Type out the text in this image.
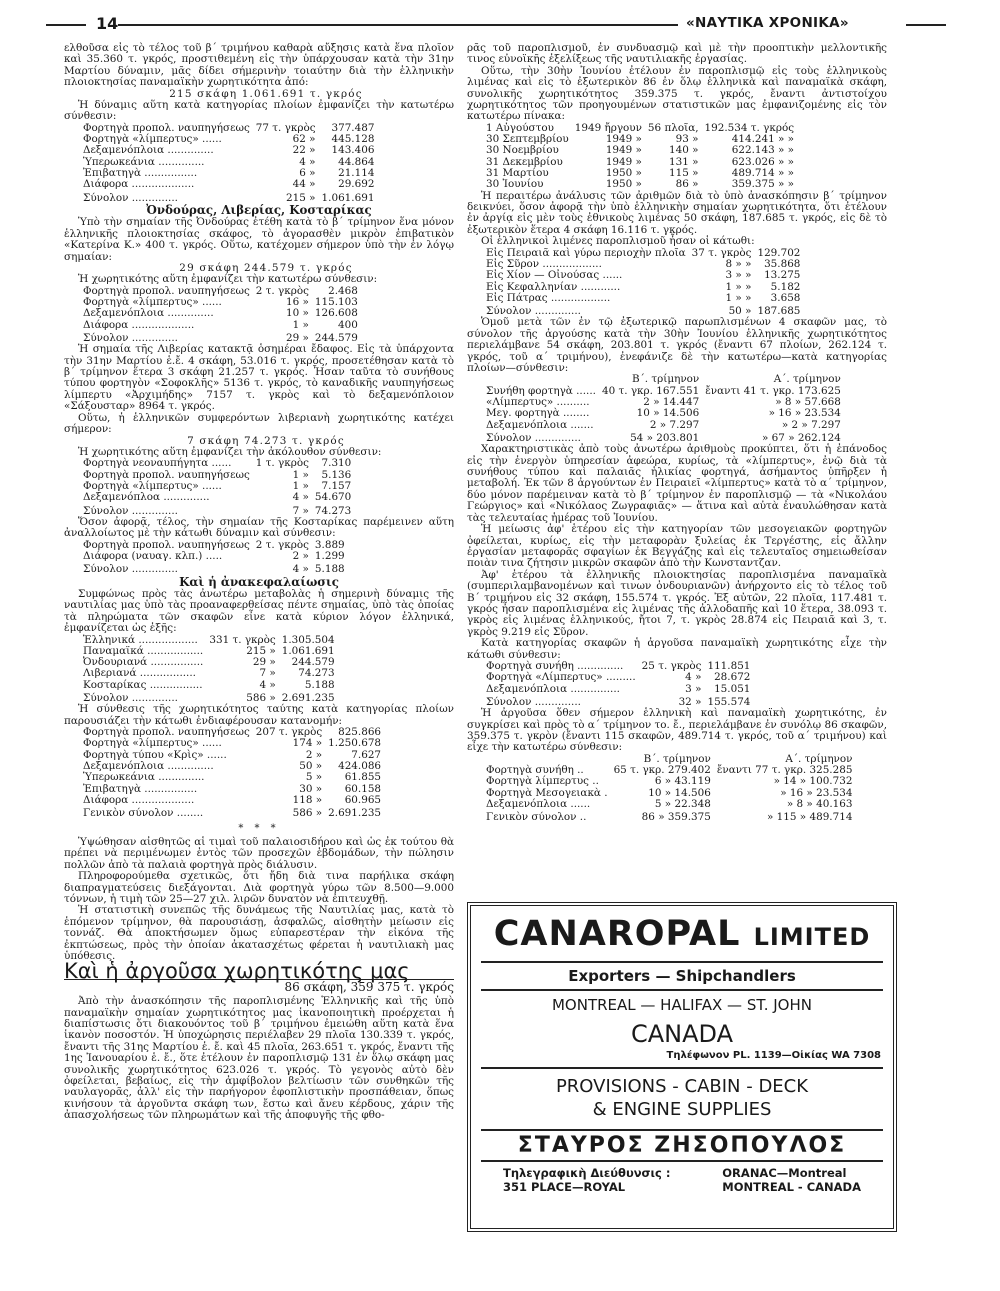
14	«ΝΑΥΤΙΚΑ ΧΡΟΝΙΚΑ»

ελθοῦσα εἰς τὸ τέλος τοῦ β΄ τριμήνου καθαρὰ αὔξησις κατὰ ἕνα πλοῖον καὶ 35.360 τ. γκρός, προστιθεμένη εἰς τὴν ὑπάρχουσαν κατὰ τὴν 31ην Μαρτίου δύναμιν, μᾶς δίδει σήμερινὴν τοιαύτην διὰ τὴν ἑλληνικὴν πλοιοκτησίας παναμαϊκὴν χωρητικότητα ἀπό:

215 σκάφη 1.061.691 τ. γκρός

Ἡ δύναμις αὕτη κατὰ κατηγορίας πλοίων ἐμφανίζει τὴν κατωτέρω σύνθεσιν:

Φορτηγὰ προπολ. ναυπηγήσεως	77 τ. γκρὸς	377.487
Φορτηγὰ «λίμπερτυς» ......	62 »	445.128
Δεξαμενόπλοια ..............	22 »	143.406
Ὑπερωκεάνια ..............	4 »	44.864
Ἐπιβατηγὰ ................	6 »	21.114
Διάφορα ...................	44 »	29.692
Σύνολον ..............	215 »	1.061.691
Ὀνδούρας, Λιβερίας, Κοσταρίκας

Ὑπὸ τὴν σημαίαν τῆς Ὀνδούρας ἐτέθη κατὰ τὸ β΄ τρίμηνον ἕνα μόνον ἑλληνικῆς πλοιοκτησίας σκάφος, τὸ ἀγορασθὲν μικρὸν ἐπιβατικὸν «Κατερίνα Κ.» 400 τ. γκρός. Οὕτω, κατέχομεν σήμερον ὑπὸ τὴν ἐν λόγῳ σημαίαν:

29 σκάφη 244.579 τ. γκρός

Ἡ χωρητικότης αὕτη ἐμφανίζει τὴν κατωτέρω σύνθεσιν:

Φορτηγὰ προπολ. ναυπηγήσεως	2 τ. γκρὸς	2.468
Φορτηγὰ «λίμπερτυς» ......	16 »	115.103
Δεξαμενόπλοια ..............	10 »	126.608
Διάφορα ...................	1 »	400
Σύνολον ..............	29 »	244.579

Ἡ σημαία τῆς Λιβερίας κατακτᾷ ὁσημέραι ἔδαφος. Εἰς τὰ ὑπάρχοντα τὴν 31ην Μαρτίου ἑ.ἔ. 4 σκάφη, 53.016 τ. γκρός, προσετέθησαν κατὰ τὸ β΄ τρίμηνον ἕτερα 3 σκάφη 21.257 τ. γκρός. Ἦσαν ταῦτα τὸ συνήθους τύπου φορτηγὸν «Σοφοκλῆς» 5136 τ. γκρός, τὸ καναδικῆς ναυπηγήσεως λίμπερτυ «Ἀρχιμήδης» 7157 τ. γκρὸς καὶ τὸ δεξαμενόπλοιον «Σάξουσταρ» 8964 τ. γκρός.

Οὕτω, ἡ ἑλληνικῶν συμφερόντων λιβεριανὴ χωρητικότης κατέχει σήμερον:

7 σκάφη 74.273 τ. γκρός

Ἡ χωρητικότης αὕτη ἐμφανίζει τὴν ἀκόλουθον σύνθεσιν:

Φορτηγὰ νεοναυπήγητα ......	1 τ. γκρὸς	7.310
Φορτηγὰ προπολ. ναυπηγήσεως	1 »	5.136
Φορτηγὰ «λίμπερτυς» ......	1 »	7.157
Δεξαμενόπλοα ..............	4 »	54.670
Σύνολον ..............	7 »	74.273

Ὅσον ἀφορᾷ, τέλος, τὴν σημαίαν τῆς Κοσταρίκας παρέμεινεν αὕτη ἀναλλοίωτος μὲ τὴν κάτωθι δύναμιν καὶ σύνθεσιν:

Φορτηγὰ προπολ. ναυπηγήσεως	2 τ. γκρὸς	3.889
Διάφορα (ναυαγ. κλπ.) .....	2 »	1.299
Σύνολον ..............	4 »	5.188
Καὶ ἡ ἀνακεφαλαίωσις

Συμφώνως πρὸς τὰς ἀνωτέρω μεταβολὰς ἡ σημερινὴ δύναμις τῆς ναυτιλίας μας ὑπὸ τὰς προαναφερθείσας πέντε σημαίας, ὑπὸ τὰς ὁποίας τὰ πληρώματα τῶν σκαφῶν εἶνε κατὰ κύριον λόγον ἑλληνικά, ἐμφανίζεται ὡς ἑξῆς:

Ἑλληνικά ..................	331 τ. γκρὸς	1.305.504
Παναμαϊκά .................	215 »	1.061.691
Ὀνδουριανά ................	29 »	244.579
Λιβεριανά .................	7 »	74.273
Κοσταρίκας ................	4 »	5.188
Σύνολον ..............	586 »	2.691.235

Ἡ σύνθεσις τῆς χωρητικότητος ταύτης κατὰ κατηγορίας πλοίων παρουσιάζει τὴν κάτωθι ἐνδιαφέρουσαν κατανομήν:

Φορτηγὰ προπολ. ναυπηγήσεως	207 τ. γκρὸς	825.866
Φορτηγὰ «λίμπερτυς» ......	174 »	1.250.678
Φορτηγὰ τύπου «Κρὶς» ......	2 »	7.627
Δεξαμενόπλοια ..............	50 »	424.086
Ὑπερωκεάνια ..............	5 »	61.855
Ἐπιβατηγὰ ................	30 »	60.158
Διάφορα ...................	118 »	60.965
Γενικὸν σύνολον ........	586 »	2.691.235
* * *

Ὑψώθησαν αἰσθητῶς αἱ τιμαὶ τοῦ παλαιοσιδήρου καὶ ὡς ἐκ τούτου θὰ πρέπει νὰ περιμένωμεν ἐντὸς τῶν προσεχῶν ἑβδομάδων, τὴν πώλησιν πολλῶν ἀπὸ τὰ παλαιὰ φορτηγὰ πρὸς διάλυσιν.

Πληροφορούμεθα σχετικῶς, ὅτι ἤδη διὰ τινα παρήλικα σκάφη διαπραγματεύσεις διεξάγονται. Διὰ φορτηγὰ γύρω τῶν 8.500—9.000 τόννων, ἡ τιμὴ τῶν 25—27 χιλ. λιρῶν δυνατὸν νὰ ἐπιτευχθῇ.

Ἡ στατιστικὴ συνεπῶς τῆς δυνάμεως τῆς Ναυτιλίας μας, κατὰ τὸ ἑπόμενον τρίμηνον, θὰ παρουσιάσῃ, ἀσφαλῶς, αἰσθητὴν μείωσιν εἰς τοννάζ. Θὰ ἀποκτήσωμεν ὅμως εὐπαρεστέραν τὴν εἰκόνα τῆς ἐκπτώσεως, πρὸς τὴν ὁποίαν ἀκατασχέτως φέρεται ἡ ναυτιλιακὴ μας ὑπόθεσις.

Καὶ ἡ ἀργοῦσα χωρητικότης μας
86 σκάφη, 359 375 τ. γκρός

Ἀπὸ τὴν ἀνασκόπησιν τῆς παροπλισμένης Ἑλληνικῆς καὶ τῆς ὑπὸ παναμαϊκὴν σημαίαν χωρητικότητος μας ἱκανοποιητικὴ προέρχεται ἡ διαπίστωσις ὅτι διακουόντος τοῦ β΄ τριμήνου ἐμειώθη αὕτη κατὰ ἕνα ἱκανὸν ποσοστόν. Ἡ ὑποχώρησις περιέλαβεν 29 πλοῖα 130.339 τ. γκρός, ἔναντι τῆς 31ης Μαρτίου ἑ. ἔ. καὶ 45 πλοῖα, 263.651 τ. γκρός, ἔναντι τῆς 1ης Ἰανουαρίου ἑ. ἔ., ὅτε ἐτέλουν ἐν παροπλισμῷ 131 ἐν ὅλῳ σκάφη μας συνολικῆς χωρητικότητος 623.026 τ. γκρός. Τὸ γεγονὸς αὐτὸ δὲν ὀφείλεται, βεβαίως, εἰς τὴν ἀμφίβολον βελτίωσιν τῶν συνθηκῶν τῆς ναυλαγορᾶς, ἀλλ' εἰς τὴν παρήγορον ἐφοπλιστικὴν προσπάθειαν, ὅπως κινήσουν τὰ ἀργοῦντα σκάφη των, ἔστω καὶ ἄνευ κέρδους, χάριν τῆς ἀπασχολήσεως τῶν πληρωμάτων καὶ τῆς ἀποφυγῆς τῆς φθο-

ρᾶς τοῦ παροπλισμοῦ, ἐν συνδυασμῷ καὶ μὲ τὴν προοπτικὴν μελλοντικῆς τινος εὐνοϊκῆς ἐξελίξεως τῆς ναυτιλιακῆς ἐργασίας.

Οὕτω, τὴν 30ὴν Ἰουνίου ἐτέλουν ἐν παροπλισμῷ εἰς τοὺς ἑλληνικοὺς λιμένας καὶ εἰς τὸ ἐξωτερικὸν 86 ἐν ὅλῳ ἑλληνικὰ καὶ παναμαϊκὰ σκάφη, συνολικῆς χωρητικότητος 359.375 τ. γκρός, ἔναντι ἀντιστοίχου χωρητικότητος τῶν προηγουμένων στατιστικῶν μας ἐμφανιζομένης εἰς τὸν κατωτέρω πίνακα:

1 Αὐγούστου	1949 ἤργουν	56 πλοῖα,	192.534 τ. γκρός
30 Σεπτεμβρίου	1949 »	93 »	414.241 » »
30 Νοεμβρίου	1949 »	140 »	622.143 » »
31 Δεκεμβρίου	1949 »	131 »	623.026 » »
31 Μαρτίου	1950 »	115 »	489.714 » »
30 Ἰουνίου	1950 »	86 »	359.375 » »

Ἡ περαιτέρω ἀνάλυσις τῶν ἀριθμῶν διὰ τὸ ὑπὸ ἀνασκόπησιν β΄ τρίμηνον δεικνύει, ὅσον ἀφορᾷ τὴν ὑπὸ ἑλληνικὴν σημαίαν χωρητικότητα, ὅτι ἐτέλουν ἐν ἀργίᾳ εἰς μὲν τοὺς ἐθνικοὺς λιμένας 50 σκάφη, 187.685 τ. γκρός, εἰς δὲ τὸ ἐξωτερικὸν ἕτερα 4 σκάφη 16.116 τ. γκρός.

Οἱ ἑλληνικοὶ λιμένες παροπλισμοῦ ἦσαν οἱ κάτωθι:

Εἰς Πειραιᾶ καὶ γύρω περιοχὴν πλοῖα	37 τ. γκρὸς	129.702
Εἰς Σῦρον ..................	8 » »	35.868
Εἰς Χίον — Οἰνούσας ......	3 » »	13.275
Εἰς Κεφαλληνίαν ............	1 » »	5.182
Εἰς Πάτρας ..................	1 » »	3.658
Σύνολον ..............	50 »	187.685

Ὁμοῦ μετὰ τῶν ἐν τῷ ἐξωτερικῷ παρωπλισμένων 4 σκαφῶν μας, τὸ σύνολον τῆς ἀργούσης κατὰ τὴν 30ὴν Ἰουνίου ἑλληνικῆς χωρητικότητος περιελάμβανε 54 σκάφη, 203.801 τ. γκρός (ἔναντι 67 πλοίων, 262.124 τ. γκρός, τοῦ α΄ τριμήνου), ἐνεφάνιζε δὲ τὴν κατωτέρω—κατὰ κατηγορίας πλοίων—σύνθεσιν:

	Β΄. τρίμηνον	Α΄. τρίμηνον
Συνήθη φορτηγὰ ......	40 τ. γκρ. 167.551	ἔναντι 41 τ. γκρ. 173.625
«Λίμπερτυς» ..........	2 » 14.447	» 8 » 57.668
Μεγ. φορτηγὰ ........	10 » 14.506	» 16 » 23.534
Δεξαμενόπλοια .......	2 » 7.297	» 2 » 7.297
Σύνολον ..............	54 » 203.801	» 67 » 262.124

Χαρακτηριστικὰς ἀπὸ τοὺς ἀνωτέρω ἀριθμοὺς προκύπτει, ὅτι ἡ ἐπάνοδος εἰς τὴν ἐνεργὸν ὑπηρεσίαν ἀφεώρα, κυρίως, τὰ «λίμπερτυς», ἐνῷ διὰ τὰ συνήθους τύπου καὶ παλαιᾶς ἡλικίας φορτηγά, ἀσήμαντος ὑπῆρξεν ἡ μεταβολή. Ἐκ τῶν 8 ἀργούντων ἐν Πειραιεῖ «λίμπερτυς» κατὰ τὸ α΄ τρίμηνον, δύο μόνον παρέμειναν κατὰ τὸ β΄ τρίμηνον ἐν παροπλισμῷ — τὰ «Νικολάου Γεώργιος» καὶ «Νικόλαος Ζωγραφιᾶς» — ἅτινα καὶ αὐτὰ ἐναυλώθησαν κατὰ τὰς τελευταίας ἡμέρας τοῦ Ἰουνίου.

Ἡ μείωσις ἀφ' ἑτέρου εἰς τὴν κατηγορίαν τῶν μεσογειακῶν φορτηγῶν ὀφείλεται, κυρίως, εἰς τὴν μεταφορὰν ξυλείας ἐκ Τεργέστης, εἰς ἄλλην ἐργασίαν μεταφορᾶς σφαγίων ἐκ Βεγγάζης καὶ εἰς τελευταῖος σημειωθείσαν ποιὰν τινα ζήτησιν μικρῶν σκαφῶν ἀπὸ τὴν Κωνσταντζαν.

Ἀφ' ἑτέρου τὰ ἑλληνικῆς πλοιοκτησίας παροπλισμένα παναμαϊκὰ (συμπεριλαμβανομένων καὶ τινων ὀνδουριανῶν) ἀνήρχοντο εἰς τὸ τέλος τοῦ Β΄ τριμήνου εἰς 32 σκάφη, 155.574 τ. γκρός. Ἐξ αὐτῶν, 22 πλοῖα, 117.481 τ. γκρός ἦσαν παροπλισμένα εἰς λιμένας τῆς ἀλλοδαπῆς καὶ 10 ἕτερα, 38.093 τ. γκρὸς εἰς λιμένας ἑλληνικούς, ἤτοι 7, τ. γκρὸς 28.874 εἰς Πειραιᾶ καὶ 3, τ. γκρὸς 9.219 εἰς Σῦρον.

Κατὰ κατηγορίας σκαφῶν ἡ ἀργοῦσα παναμαϊκὴ χωρητικότης εἶχε τὴν κάτωθι σύνθεσιν:

Φορτηγὰ συνήθη ..............	25 τ. γκρὸς	111.851
Φορτηγὰ «Λίμπερτυς» .........	4 »	28.672
Δεξαμενόπλοια ...............	3 »	15.051
Σύνολον ..............	32 »	155.574

Ἡ ἀργοῦσα ὅθεν σήμερον ἑλληνικὴ καὶ παναμαϊκὴ χωρητικότης, ἐν συγκρίσει καὶ πρὸς τὸ α΄ τρίμηνον το. ἔ., περιελάμβανε ἐν συνόλῳ 86 σκαφῶν, 359.375 τ. γκρὸν (ἔναντι 115 σκαφῶν, 489.714 τ. γκρός, τοῦ α΄ τριμήνου) καὶ εἶχε τὴν κατωτέρω σύνθεσιν:

	Β΄. τρίμηνον	Α΄. τρίμηνον
Φορτηγὰ συνήθη ..	65 τ. γκρ. 279.402	ἔναντι 77 τ. γκρ. 325.285
Φορτηγὰ λίμπερτυς ..	6 » 43.119	» 14 » 100.732
Φορτηγὰ Μεσογειακὰ .	10 » 14.506	» 16 » 23.534
Δεξαμενόπλοια ......	5 » 22.348	» 8 » 40.163
Γενικὸν σύνολον ..	86 » 359.375	» 115 » 489.714
CANAROPAL LIMITED
Exporters — Shipchandlers
MONTREAL — HALIFAX — ST. JOHN
CANADA
Τηλέφωνον PL. 1139—Οἰκίας WA 7308
PROVISIONS - CABIN - DECK
& ENGINE SUPPLIES
ΣΤΑΥΡΟΣ ΖΗΣΟΠΟΥΛΟΣ
Τηλεγραφικὴ Διεύθυνσις :
351 PLACE—ROYAL
ORANAC—Montreal
MONTREAL - CANADA
